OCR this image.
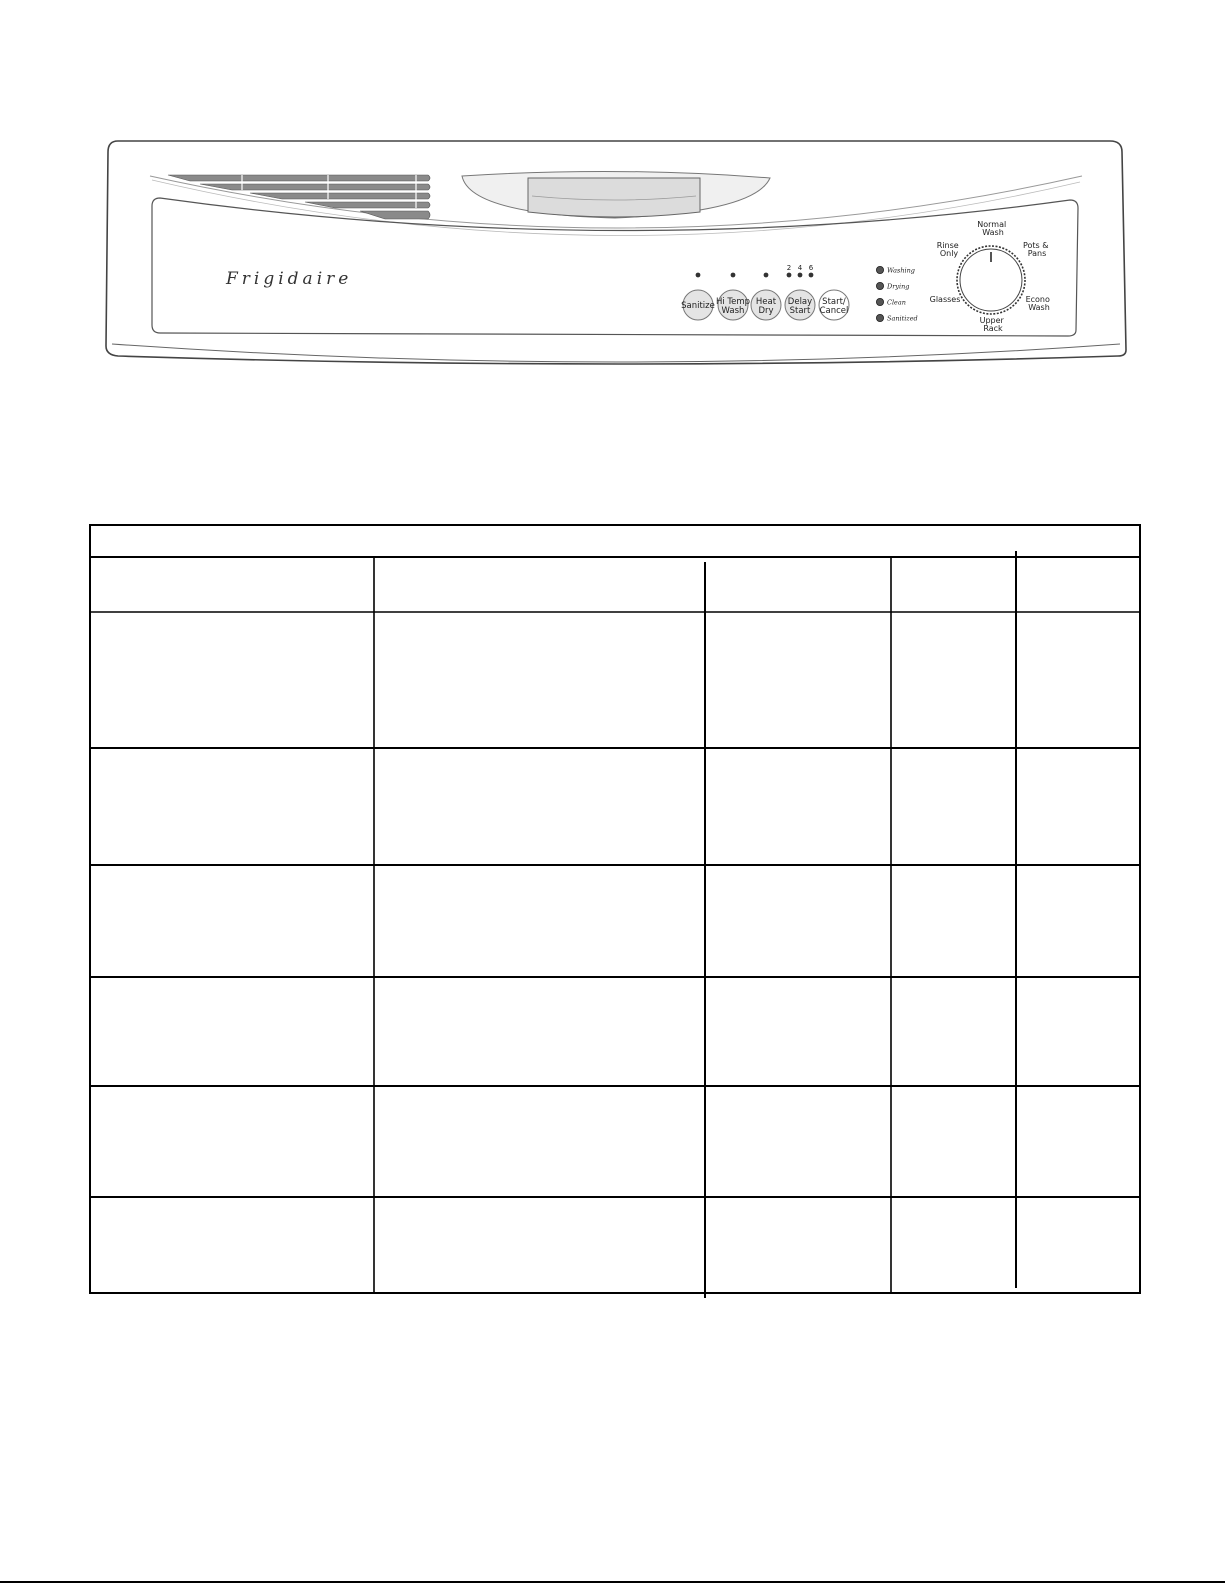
Frigidaire
Sanitize Hi Temp Wash
Heat Dry
Delay Start
Start/ Cancel
2 4 6	Washing
Drying
Clean
Sanitized
Normal Wash
Rinse Only
Pots & Pans
Glasses	Econo Wash
Upper Rack
